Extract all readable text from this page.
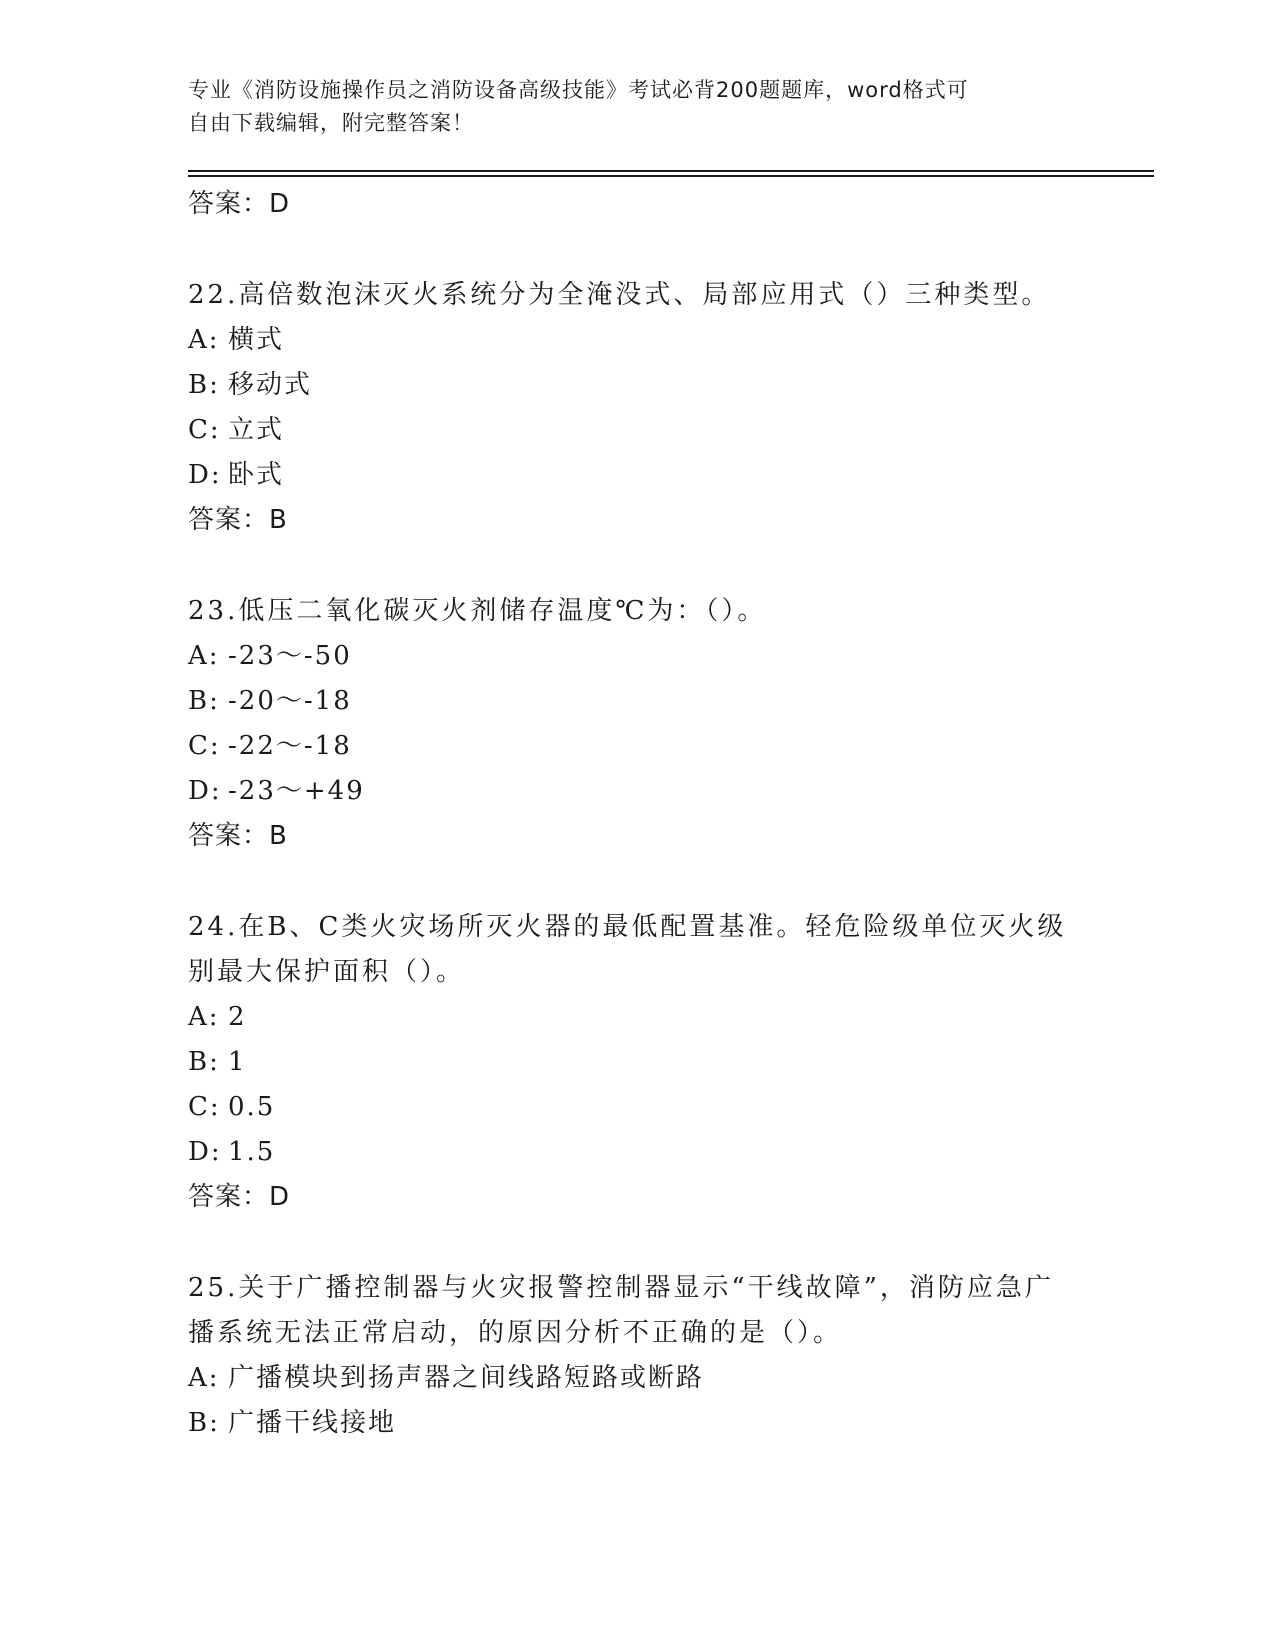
专业《消防设施操作员之消防设备高级技能》考试必背200题题库，word格式可
自由下载编辑，附完整答案！
答案：D
22.高倍数泡沫灭火系统分为全淹没式、局部应用式（）三种类型。
A: 横式
B: 移动式
C: 立式
D: 卧式
答案：B
23.低压二氧化碳灭火剂储存温度℃为：（）。
A: -23～-50
B: -20～-18
C: -22～-18
D: -23～+49
答案：B
24.在B、C类火灾场所灭火器的最低配置基准。轻危险级单位灭火级
别最大保护面积（）。
A: 2
B: 1
C: 0.5
D: 1.5
答案：D
25.关于广播控制器与火灾报警控制器显示“干线故障”，消防应急广
播系统无法正常启动，的原因分析不正确的是（）。
A: 广播模块到扬声器之间线路短路或断路
B: 广播干线接地
